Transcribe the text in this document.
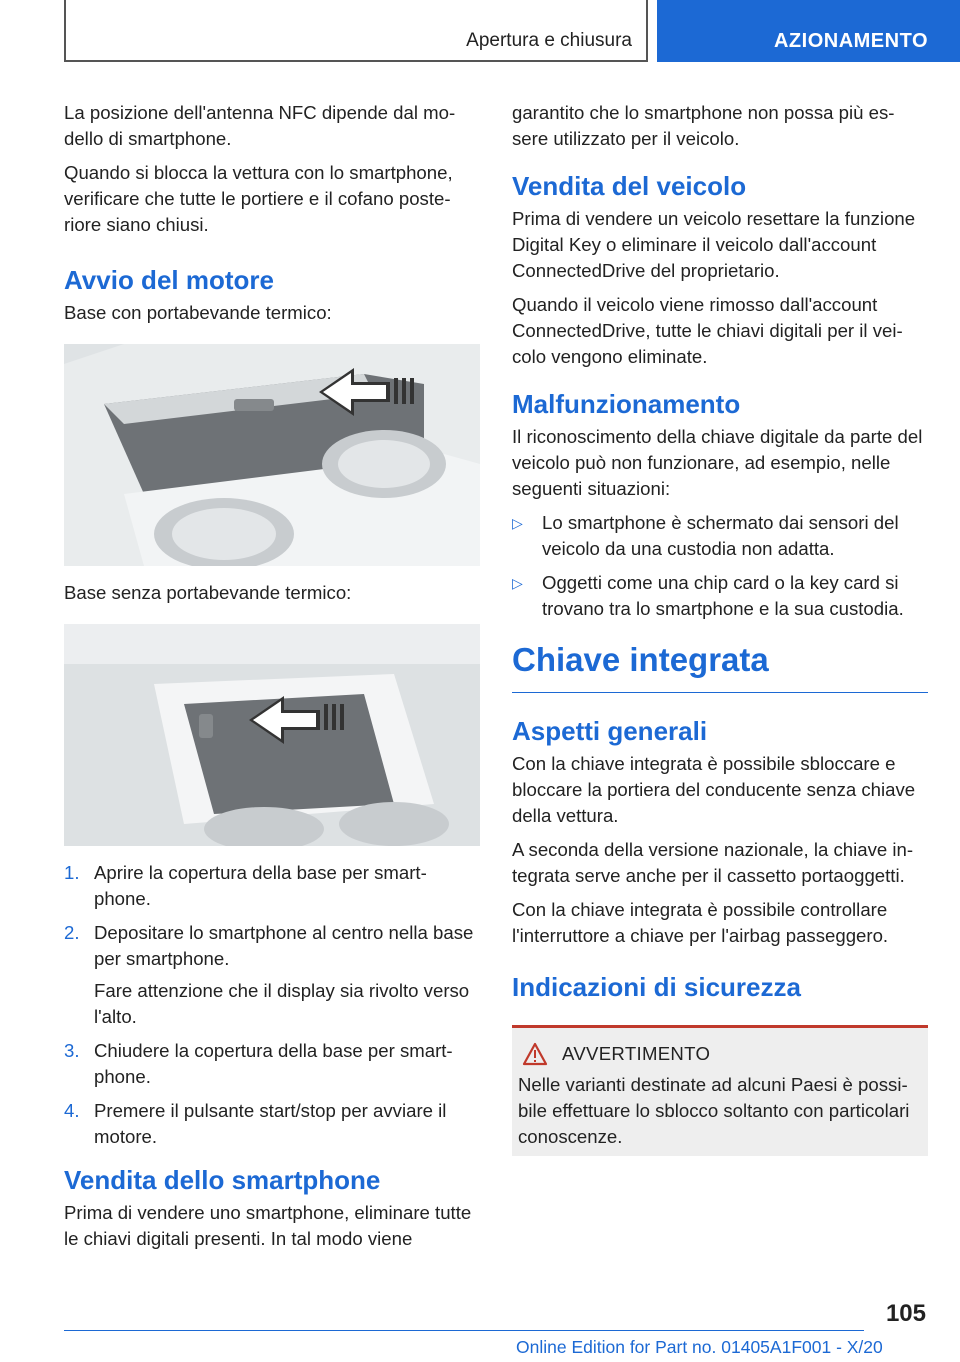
Apertura e chiusura	AZIONAMENTO

La posizione dell'antenna NFC dipende dal mo-dello di smartphone.

Quando si blocca la vettura con lo smartphone, verificare che tutte le portiere e il cofano poste-riore siano chiusi.

Avvio del motore

Base con portabevande termico:

Base senza portabevande termico:

1. Aprire la copertura della base per smart-phone.
2. Depositare lo smartphone al centro nella base per smartphone.

Fare attenzione che il display sia rivolto verso l'alto.

3. Chiudere la copertura della base per smart-phone.
4. Premere il pulsante start/stop per avviare il motore.
Vendita dello smartphone

Prima di vendere uno smartphone, eliminare tutte le chiavi digitali presenti. In tal modo viene

garantito che lo smartphone non possa più es-sere utilizzato per il veicolo.

Vendita del veicolo

Prima di vendere un veicolo resettare la funzione Digital Key o eliminare il veicolo dall'account ConnectedDrive del proprietario.

Quando il veicolo viene rimosso dall'account ConnectedDrive, tutte le chiavi digitali per il vei-colo vengono eliminate.

Malfunzionamento

Il riconoscimento della chiave digitale da parte del veicolo può non funzionare, ad esempio, nelle seguenti situazioni:

▷ Lo smartphone è schermato dai sensori del veicolo da una custodia non adatta.
▷ Oggetti come una chip card o la key card si trovano tra lo smartphone e la sua custodia.
Chiave integrata
Aspetti generali

Con la chiave integrata è possibile sbloccare e bloccare la portiera del conducente senza chiave della vettura.

A seconda della versione nazionale, la chiave in-tegrata serve anche per il cassetto portaoggetti.

Con la chiave integrata è possibile controllare l'interruttore a chiave per l'airbag passeggero.

Indicazioni di sicurezza
AVVERTIMENTO

Nelle varianti destinate ad alcuni Paesi è possi-bile effettuare lo sblocco soltanto con particolari conoscenze.

105
Online Edition for Part no. 01405A1F001 - X/20
